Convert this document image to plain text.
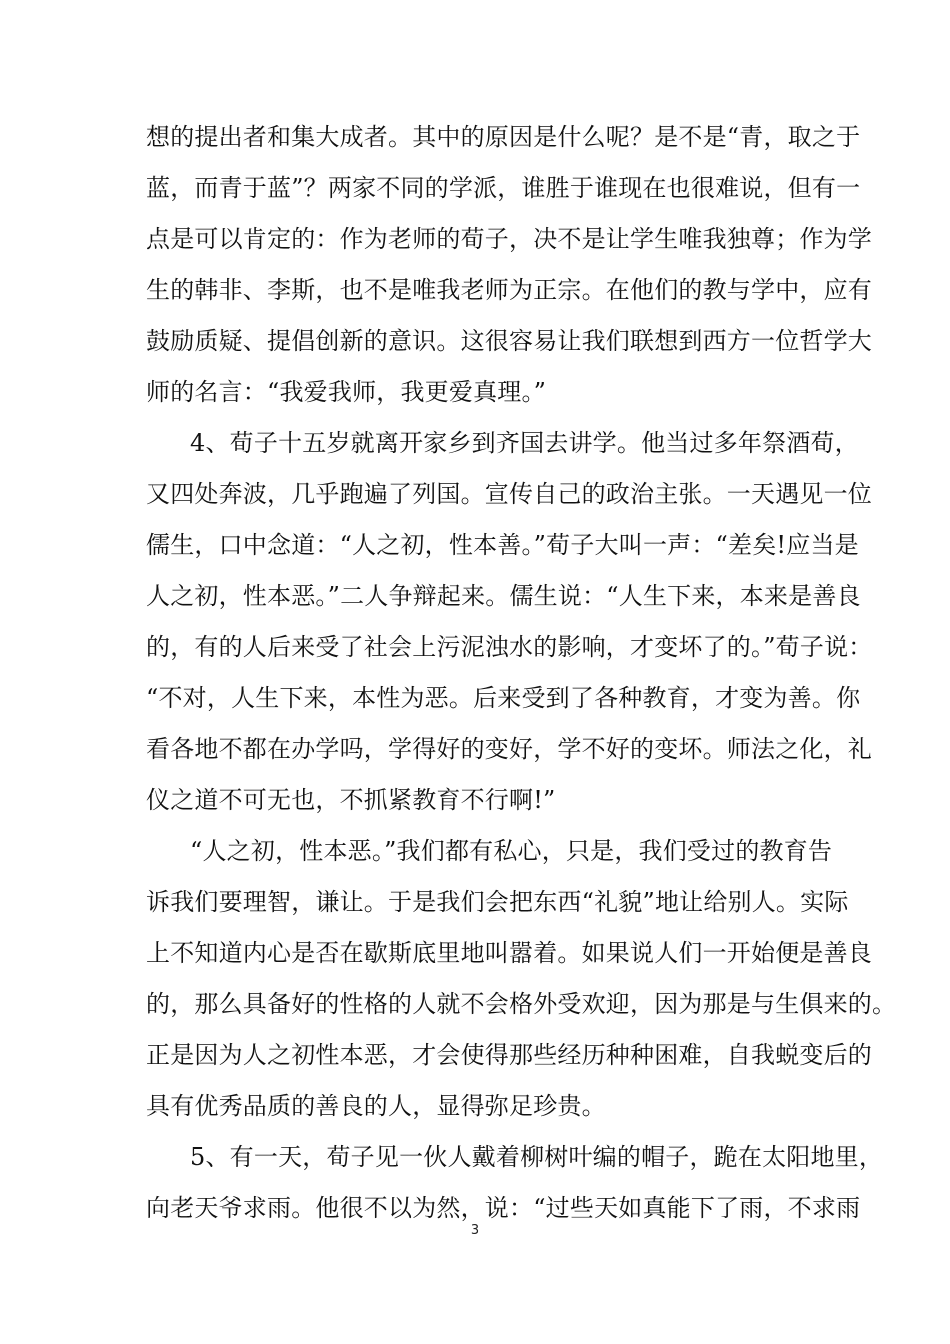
想的提出者和集大成者。其中的原因是什么呢？是不是“青，取之于
蓝，而青于蓝”？两家不同的学派，谁胜于谁现在也很难说，但有一
点是可以肯定的：作为老师的荀子，决不是让学生唯我独尊；作为学
生的韩非、李斯，也不是唯我老师为正宗。在他们的教与学中，应有
鼓励质疑、提倡创新的意识。这很容易让我们联想到西方一位哲学大
师的名言：“我爱我师，我更爱真理。”
4、荀子十五岁就离开家乡到齐国去讲学。他当过多年祭酒荀，
又四处奔波，几乎跑遍了列国。宣传自己的政治主张。一天遇见一位
儒生，口中念道：“人之初，性本善。”荀子大叫一声：“差矣!应当是
人之初，性本恶。”二人争辩起来。儒生说：“人生下来，本来是善良
的，有的人后来受了社会上污泥浊水的影响，才变坏了的。”荀子说：
“不对，人生下来，本性为恶。后来受到了各种教育，才变为善。你
看各地不都在办学吗，学得好的变好，学不好的变坏。师法之化，礼
仪之道不可无也，不抓紧教育不行啊!”
“人之初，性本恶。”我们都有私心，只是，我们受过的教育告
诉我们要理智，谦让。于是我们会把东西“礼貌”地让给别人。实际
上不知道内心是否在歇斯底里地叫嚣着。如果说人们一开始便是善良
的，那么具备好的性格的人就不会格外受欢迎，因为那是与生俱来的。
正是因为人之初性本恶，才会使得那些经历种种困难，自我蜕变后的
具有优秀品质的善良的人，显得弥足珍贵。
5、有一天，荀子见一伙人戴着柳树叶编的帽子，跪在太阳地里，
向老天爷求雨。他很不以为然，说：“过些天如真能下了雨，不求雨
3
